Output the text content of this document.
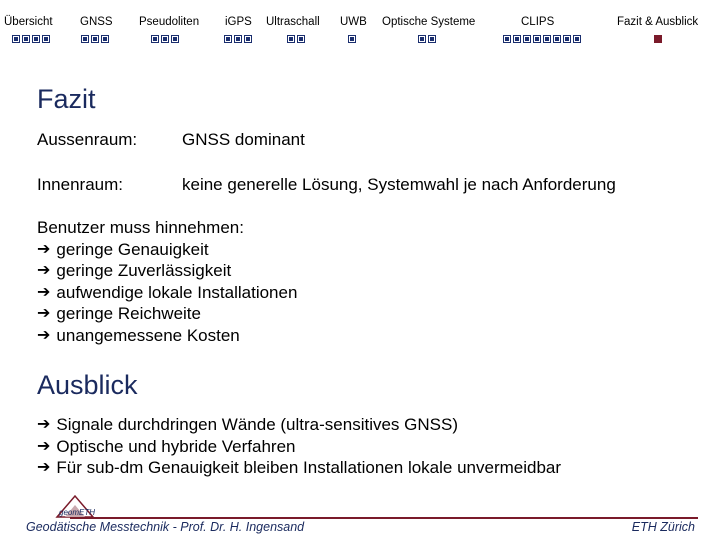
Übersicht GNSS Pseudoliten iGPS Ultraschall UWB Optische Systeme	CLIPS	Fazit & Ausblick
Fazit
Aussenraum:	GNSS dominant
Innenraum:	keine generelle Lösung, Systemwahl je nach Anforderung
Benutzer muss hinnehmen:
➔ geringe Genauigkeit
➔ geringe Zuverlässigkeit
➔ aufwendige lokale Installationen
➔ geringe Reichweite
➔ unangemessene Kosten
Ausblick
➔ Signale durchdringen Wände (ultra-sensitives GNSS)
➔ Optische und hybride Verfahren
➔ Für sub-dm Genauigkeit bleiben Installationen lokale unvermeidbar
geomETH
Geodätische Messtechnik - Prof. Dr. H. Ingensand	ETH Zürich
